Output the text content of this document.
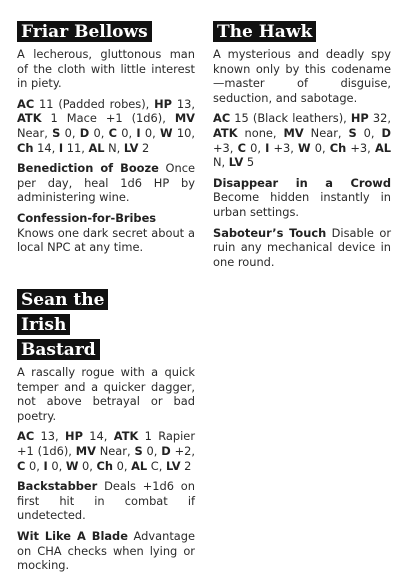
Friar Bellows

A lecherous, gluttonous man of the cloth with little interest in piety.

AC 11 (Padded robes), HP 13, ATK 1 Mace +1 (1d6), MV Near, S 0, D 0, C 0, I 0, W 10, Ch 14, I 11, AL N, LV 2

Benediction of Booze Once per day, heal 1d6 HP by administering wine.

Confession-for-Bribes Knows one dark secret about a local NPC at any time.

The Hawk

A mysterious and deadly spy known only by this codename—master of disguise, seduction, and sabotage.

AC 15 (Black leathers), HP 32, ATK none, MV Near, S 0, D +3, C 0, I +3, W 0, Ch +3, AL N, LV 5

Disappear in a Crowd Become hidden instantly in urban settings.

Saboteur’s Touch Disable or ruin any mechanical device in one round.

Sean the Irish Bastard

A rascally rogue with a quick temper and a quicker dagger, not above betrayal or bad poetry.

AC 13, HP 14, ATK 1 Rapier +1 (1d6), MV Near, S 0, D +2, C 0, I 0, W 0, Ch 0, AL C, LV 2

Backstabber Deals +1d6 on first hit in combat if undetected.

Wit Like A Blade Advantage on CHA checks when lying or mocking.
